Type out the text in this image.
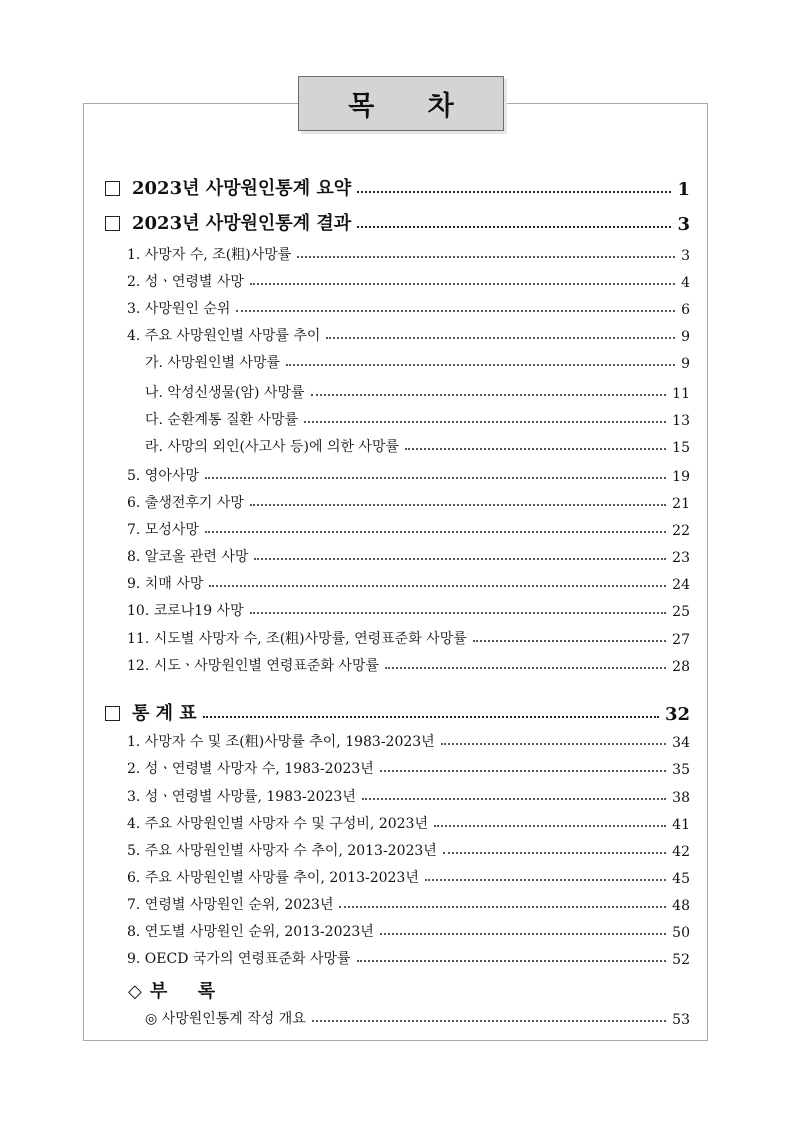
목 차
2023년 사망원인통계 요약	1
2023년 사망원인통계 결과	3
1. 사망자 수, 조(粗)사망률	3
2. 성ㆍ연령별 사망	4
3. 사망원인 순위	6
4. 주요 사망원인별 사망률 추이	9
가. 사망원인별 사망률	9
나. 악성신생물(암) 사망률	11
다. 순환계통 질환 사망률	13
라. 사망의 외인(사고사 등)에 의한 사망률	15
5. 영아사망	19
6. 출생전후기 사망	21
7. 모성사망	22
8. 알코올 관련 사망	23
9. 치매 사망	24
10. 코로나19 사망	25
11. 시도별 사망자 수, 조(粗)사망률, 연령표준화 사망률	27
12. 시도ㆍ사망원인별 연령표준화 사망률	28
통 계 표	32
1. 사망자 수 및 조(粗)사망률 추이, 1983-2023년	34
2. 성ㆍ연령별 사망자 수, 1983-2023년	35
3. 성ㆍ연령별 사망률, 1983-2023년	38
4. 주요 사망원인별 사망자 수 및 구성비, 2023년	41
5. 주요 사망원인별 사망자 수 추이, 2013-2023년	42
6. 주요 사망원인별 사망률 추이, 2013-2023년	45
7. 연령별 사망원인 순위, 2023년	48
8. 연도별 사망원인 순위, 2013-2023년	50
9. OECD 국가의 연령표준화 사망률	52
◎ 사망원인통계 작성 개요	53
◇ 부  록
